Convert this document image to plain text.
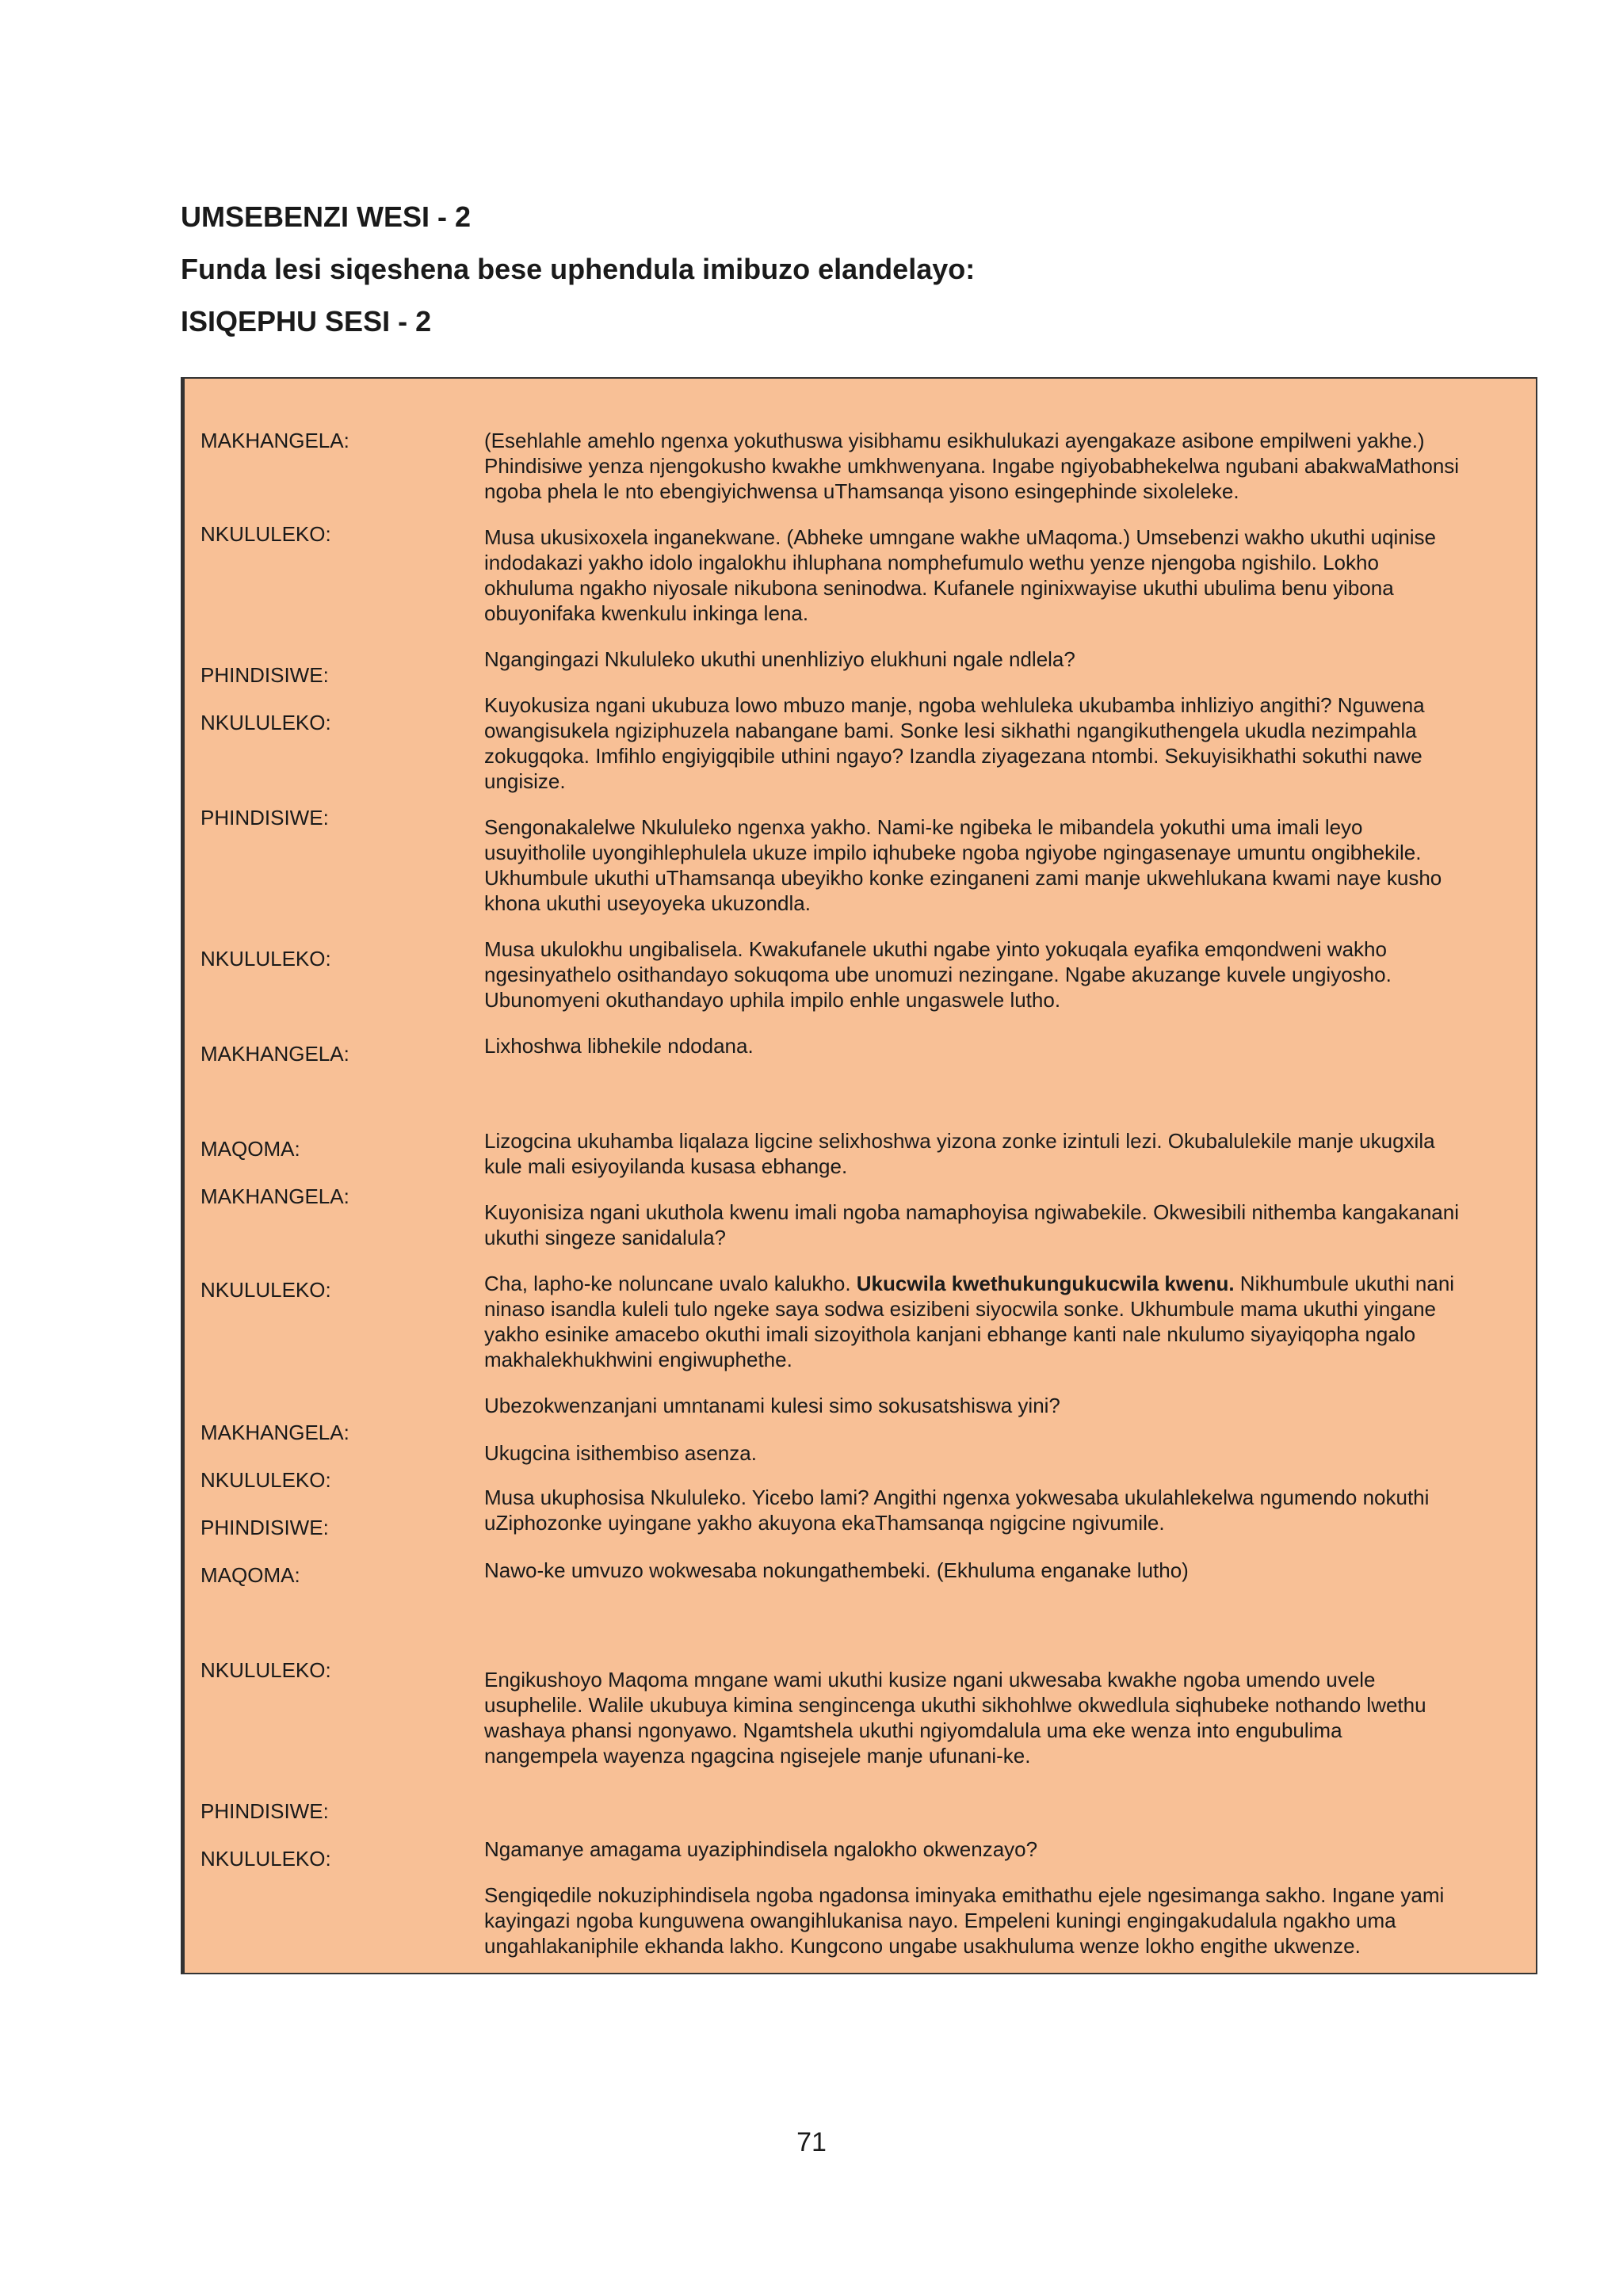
UMSEBENZI WESI - 2
Funda lesi siqeshena bese uphendula imibuzo elandelayo:
ISIQEPHU SESI - 2

MAKHANGELA:

NKULULEKO:

PHINDISIWE:

NKULULEKO:

PHINDISIWE:

NKULULEKO:

MAKHANGELA:

MAQOMA:

MAKHANGELA:

NKULULEKO:

MAKHANGELA:

NKULULEKO:

PHINDISIWE:

MAQOMA:

NKULULEKO:

PHINDISIWE:

NKULULEKO:

(Esehlahle amehlo ngenxa yokuthuswa yisibhamu esikhulukazi ayengakaze asibone empilweni yakhe.)

Phindisiwe yenza njengokusho kwakhe umkhwenyana. Ingabe ngiyobabhekelwa ngubani abakwaMathonsi

ngoba phela le nto ebengiyichwensa uThamsanqa yisono esingephinde sixoleleke.

Musa ukusixoxela inganekwane. (Abheke umngane wakhe uMaqoma.) Umsebenzi wakho ukuthi uqinise

indodakazi yakho idolo ingalokhu ihluphana nomphefumulo wethu yenze njengoba ngishilo. Lokho

okhuluma ngakho niyosale nikubona seninodwa. Kufanele nginixwayise ukuthi ubulima benu yibona

obuyonifaka kwenkulu inkinga lena.

Ngangingazi Nkululeko ukuthi unenhliziyo elukhuni ngale ndlela?

Kuyokusiza ngani ukubuza lowo mbuzo manje, ngoba wehluleka ukubamba inhliziyo angithi? Nguwena

owangisukela ngiziphuzela nabangane bami. Sonke lesi sikhathi ngangikuthengela ukudla nezimpahla

zokugqoka. Imfihlo engiyigqibile uthini ngayo? Izandla ziyagezana ntombi. Sekuyisikhathi sokuthi nawe

ungisize.

Sengonakalelwe Nkululeko ngenxa yakho. Nami-ke ngibeka le mibandela yokuthi uma imali leyo

usuyitholile uyongihlephulela ukuze impilo iqhubeke ngoba ngiyobe ngingasenaye umuntu ongibhekile.

Ukhumbule ukuthi uThamsanqa ubeyikho konke ezinganeni zami manje ukwehlukana kwami naye kusho

khona ukuthi useyoyeka ukuzondla.

Musa ukulokhu ungibalisela. Kwakufanele ukuthi ngabe yinto yokuqala eyafika emqondweni wakho

ngesinyathelo osithandayo sokuqoma ube unomuzi nezingane. Ngabe akuzange kuvele ungiyosho.

Ubunomyeni okuthandayo uphila impilo enhle ungaswele lutho.

Lixhoshwa libhekile ndodana.

Lizogcina ukuhamba liqalaza ligcine selixhoshwa yizona zonke izintuli lezi. Okubalulekile manje ukugxila

kule mali esiyoyilanda kusasa ebhange.

Kuyonisiza ngani ukuthola kwenu imali ngoba namaphoyisa ngiwabekile. Okwesibili nithemba kangakanani

ukuthi singeze sanidalula?

Cha, lapho-ke noluncane uvalo kalukho. Ukucwila kwethukungukucwila kwenu. Nikhumbule ukuthi nani

ninaso isandla kuleli tulo ngeke saya sodwa esizibeni siyocwila sonke. Ukhumbule mama ukuthi yingane

yakho esinike amacebo okuthi imali sizoyithola kanjani ebhange kanti nale nkulumo siyayiqopha ngalo

makhalekhukhwini engiwuphethe.

Ubezokwenzanjani umntanami kulesi simo sokusatshiswa yini?

Ukugcina isithembiso asenza.

Musa ukuphosisa Nkululeko. Yicebo lami? Angithi ngenxa yokwesaba ukulahlekelwa ngumendo nokuthi

uZiphozonke uyingane yakho akuyona ekaThamsanqa ngigcine ngivumile.

Nawo-ke umvuzo wokwesaba nokungathembeki. (Ekhuluma enganake lutho)

Engikushoyo Maqoma mngane wami ukuthi kusize ngani ukwesaba kwakhe ngoba umendo uvele

usuphelile. Walile ukubuya kimina sengincenga ukuthi sikhohlwe okwedlula siqhubeke nothando lwethu

washaya phansi ngonyawo. Ngamtshela ukuthi ngiyomdalula uma eke wenza into engubulima

nangempela wayenza ngagcina ngisejele manje ufunani-ke.

Ngamanye amagama uyaziphindisela ngalokho okwenzayo?

Sengiqedile nokuziphindisela ngoba ngadonsa iminyaka emithathu ejele ngesimanga sakho. Ingane yami

kayingazi ngoba kunguwena owangihlukanisa nayo. Empeleni kuningi engingakudalula ngakho uma

ungahlakaniphile ekhanda lakho. Kungcono ungabe usakhuluma wenze lokho engithe ukwenze.

71
